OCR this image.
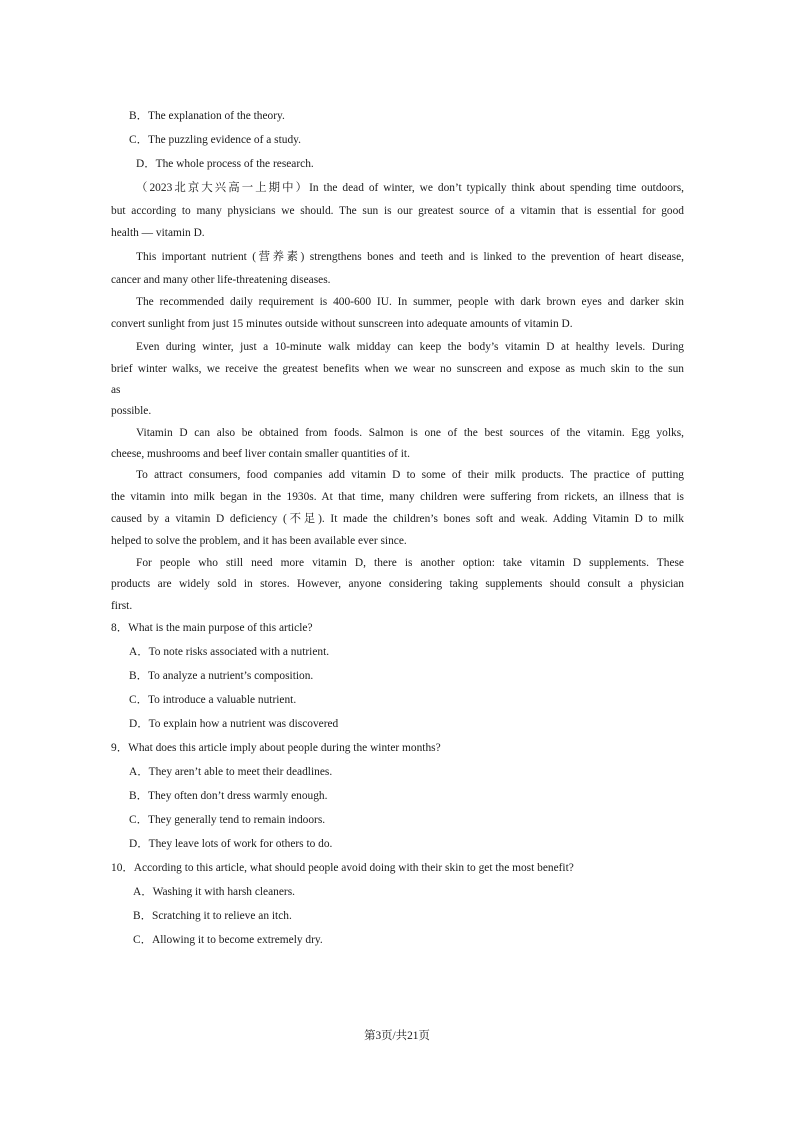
B．The explanation of the theory.
C．The puzzling evidence of a study.
D．The whole process of the research.
（2023北京大兴高一上期中）In the dead of winter, we don’t typically think about spending time outdoors,
but according to many physicians we should. The sun is our greatest source of a vitamin that is essential for good
health — vitamin D.
This important nutrient (营养素) strengthens bones and teeth and is linked to the prevention of heart disease,
cancer and many other life-threatening diseases.
The recommended daily requirement is 400-600 IU. In summer, people with dark brown eyes and darker skin
convert sunlight from just 15 minutes outside without sunscreen into adequate amounts of vitamin D.
Even during winter, just a 10-minute walk midday can keep the body’s vitamin D at healthy levels. During
brief winter walks, we receive the greatest benefits when we wear no sunscreen and expose as much skin to the sun
as
possible.
Vitamin D can also be obtained from foods. Salmon is one of the best sources of the vitamin. Egg yolks,
cheese, mushrooms and beef liver contain smaller quantities of it.
To attract consumers, food companies add vitamin D to some of their milk products. The practice of putting
the vitamin into milk began in the 1930s. At that time, many children were suffering from rickets, an illness that is
caused by a vitamin D deficiency (不足). It made the children’s bones soft and weak. Adding Vitamin D to milk
helped to solve the problem, and it has been available ever since.
For people who still need more vitamin D, there is another option: take vitamin D supplements. These
products are widely sold in stores. However, anyone considering taking supplements should consult a physician
first.
8．What is the main purpose of this article?
A．To note risks associated with a nutrient.
B．To analyze a nutrient’s composition.
C．To introduce a valuable nutrient.
D．To explain how a nutrient was discovered
9．What does this article imply about people during the winter months?
A．They aren’t able to meet their deadlines.
B．They often don’t dress warmly enough.
C．They generally tend to remain indoors.
D．They leave lots of work for others to do.
10．According to this article, what should people avoid doing with their skin to get the most benefit?
A．Washing it with harsh cleaners.
B．Scratching it to relieve an itch.
C．Allowing it to become extremely dry.
第3页/共21页
